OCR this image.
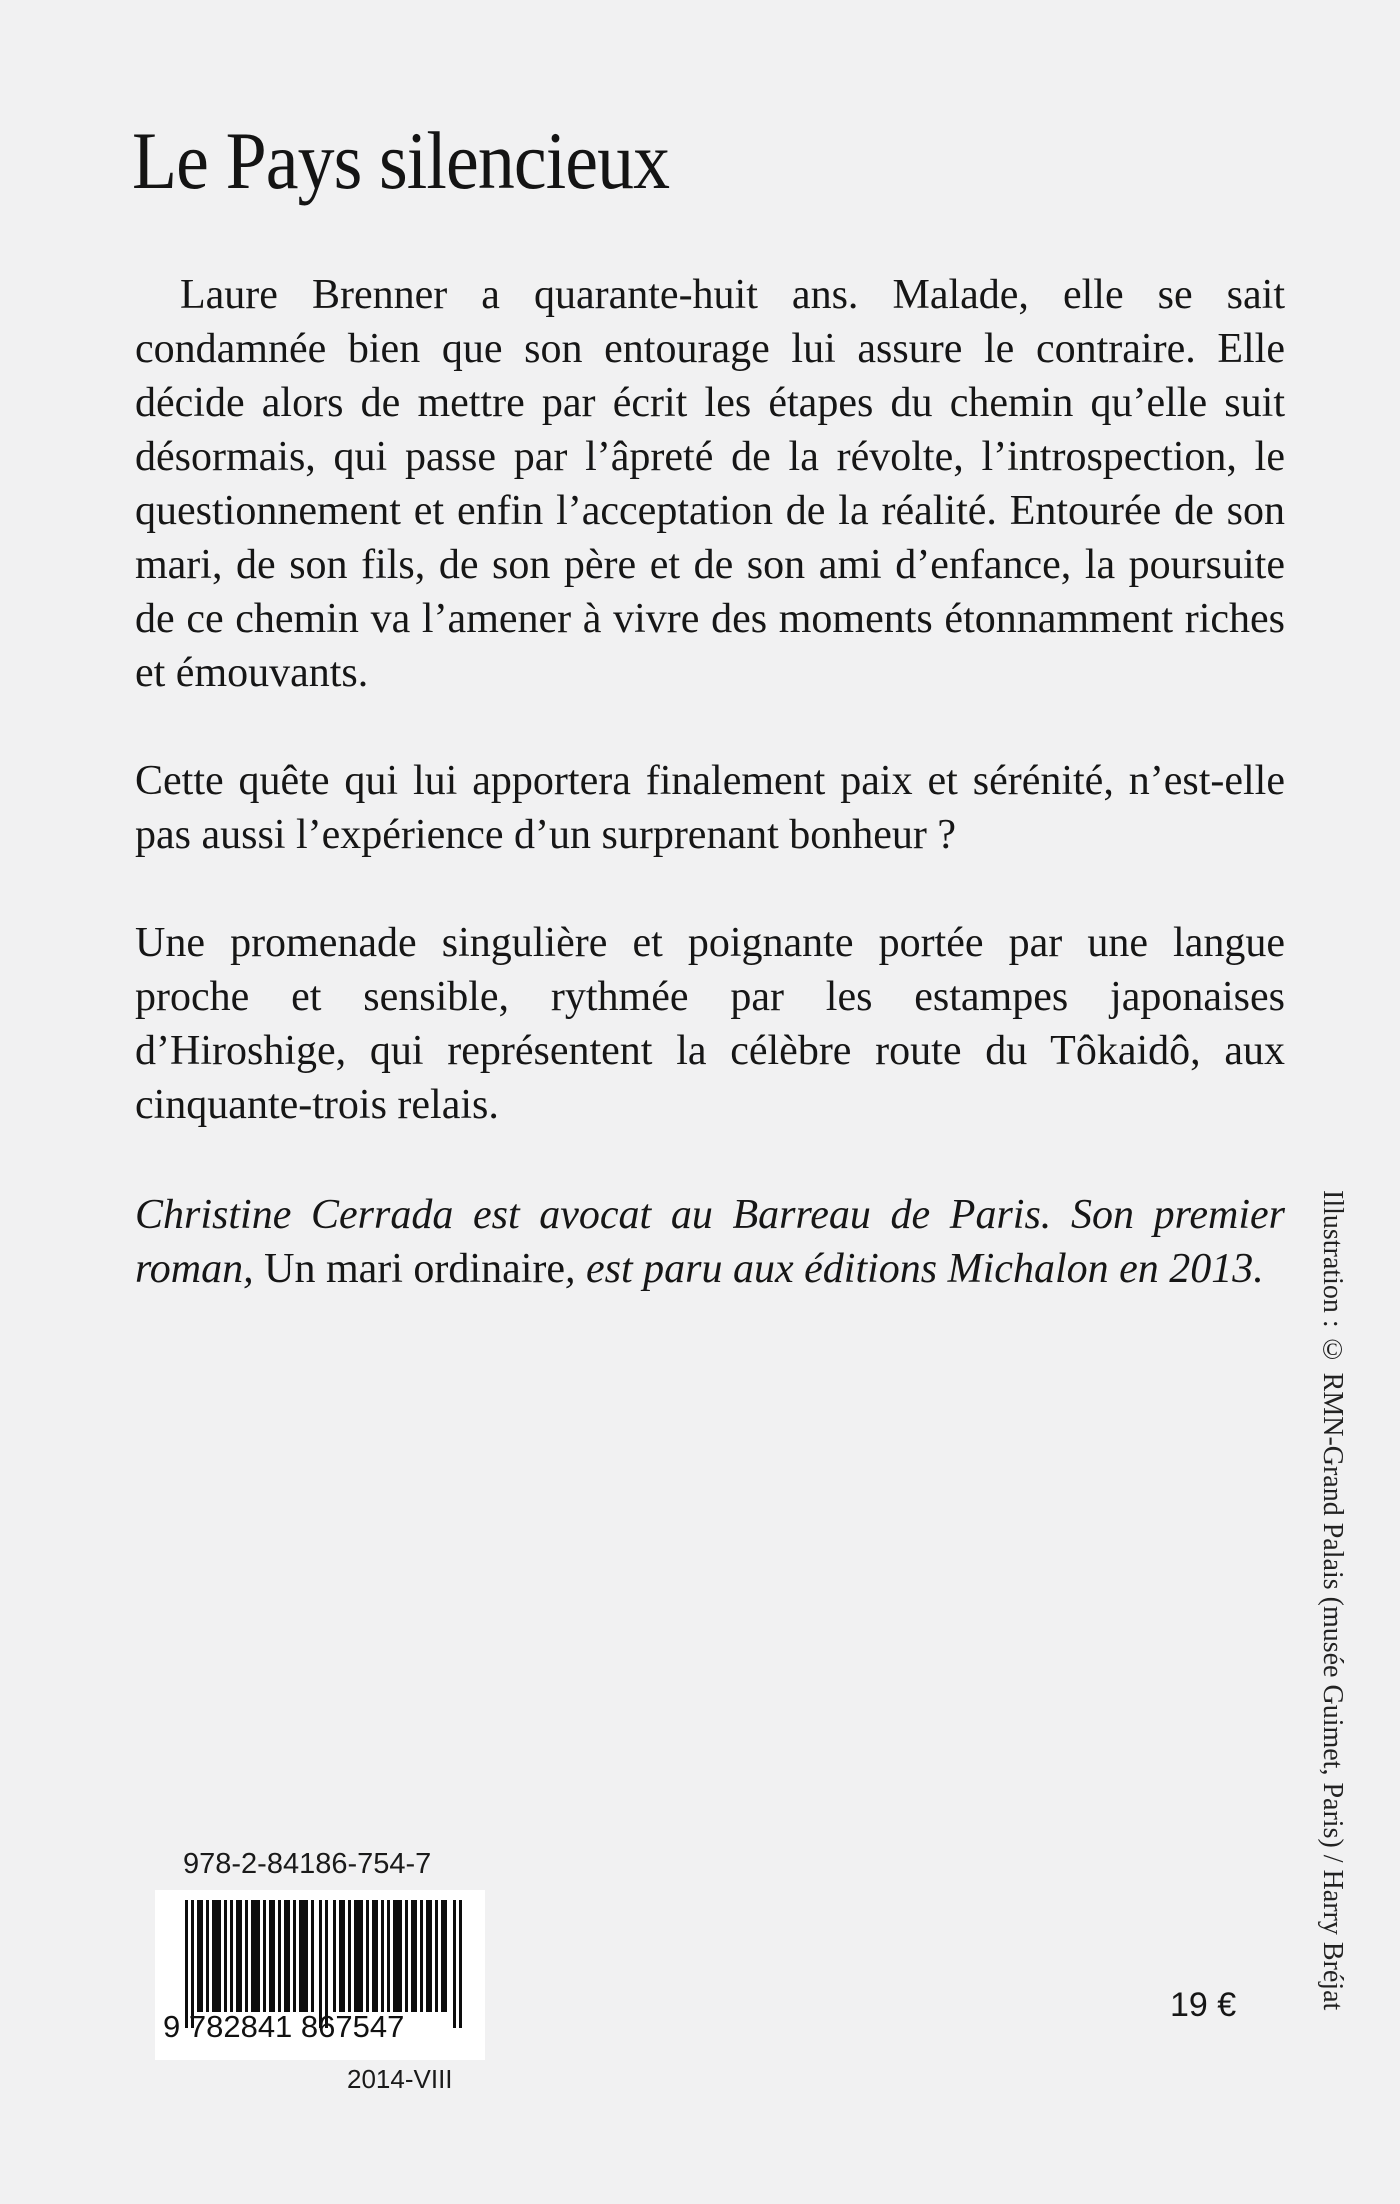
Le Pays silencieux

Laure Brenner a quarante-huit ans. Malade, elle se sait condamnée bien que son entourage lui assure le contraire. Elle décide alors de mettre par écrit les étapes du chemin qu’elle suit désormais, qui passe par l’âpreté de la révolte, l’introspection, le questionnement et enfin l’acceptation de la réalité. Entourée de son mari, de son fils, de son père et de son ami d’enfance, la poursuite de ce chemin va l’amener à vivre des moments étonnamment riches et émouvants.

Cette quête qui lui apportera finalement paix et sérénité, n’est-elle pas aussi l’expérience d’un surprenant bonheur ?

Une promenade singulière et poignante portée par une langue proche et sensible, rythmée par les estampes japonaises d’Hiroshige, qui représentent la célèbre route du Tôkaidô, aux cinquante-trois relais.

Christine Cerrada est avocat au Barreau de Paris. Son premier roman, Un mari ordinaire, est paru aux éditions Michalon en 2013.	Illustration : © RMN-Grand Palais (musée Guimet, Paris) / Harry Bréjat
978-2-84186-754-7
9 782841 867547
2014-VIII
19 €
